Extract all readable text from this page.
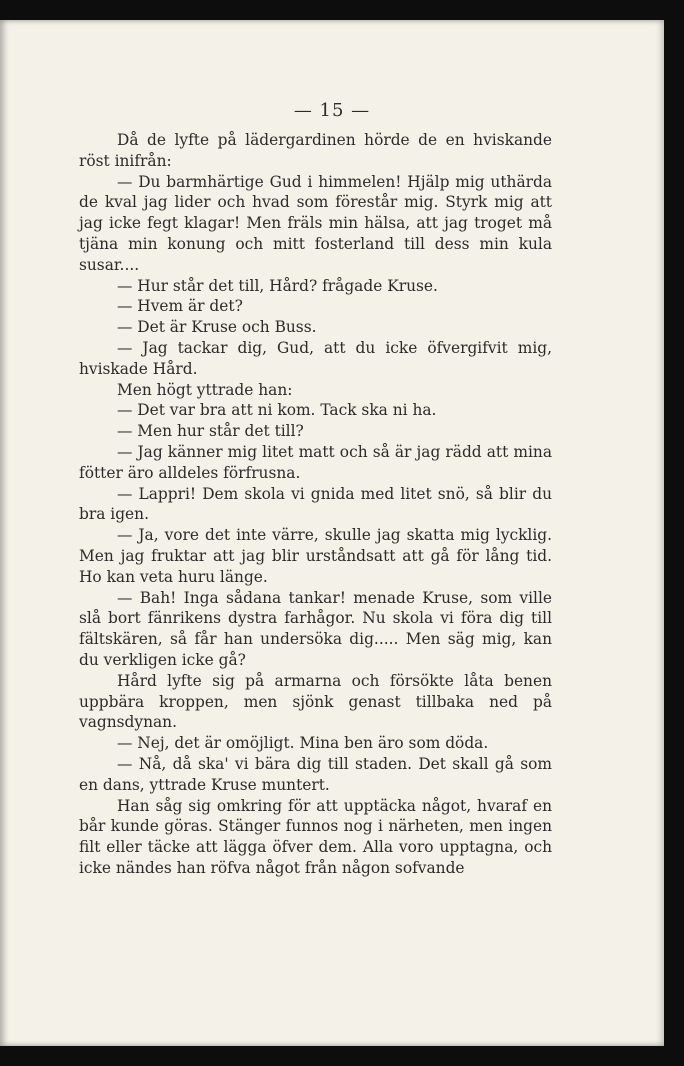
— 15 —

Då de lyfte på lädergardinen hörde de en hviskande röst inifrån:

— Du barmhärtige Gud i himmelen! Hjälp mig uthärda de kval jag lider och hvad som förestår mig. Styrk mig att jag icke fegt klagar! Men fräls min hälsa, att jag troget må tjäna min konung och mitt fosterland till dess min kula susar....

— Hur står det till, Hård? frågade Kruse.

— Hvem är det?

— Det är Kruse och Buss.

— Jag tackar dig, Gud, att du icke öfvergifvit mig, hviskade Hård.

Men högt yttrade han:

— Det var bra att ni kom. Tack ska ni ha.

— Men hur står det till?

— Jag känner mig litet matt och så är jag rädd att mina fötter äro alldeles förfrusna.

— Lappri! Dem skola vi gnida med litet snö, så blir du bra igen.

— Ja, vore det inte värre, skulle jag skatta mig lycklig. Men jag fruktar att jag blir urståndsatt att gå för lång tid. Ho kan veta huru länge.

— Bah! Inga sådana tankar! menade Kruse, som ville slå bort fänrikens dystra farhågor. Nu skola vi föra dig till fältskären, så får han undersöka dig..... Men säg mig, kan du verkligen icke gå?

Hård lyfte sig på armarna och försökte låta benen uppbära kroppen, men sjönk genast tillbaka ned på vagnsdynan.

— Nej, det är omöjligt. Mina ben äro som döda.

— Nå, då ska' vi bära dig till staden. Det skall gå som en dans, yttrade Kruse muntert.

Han såg sig omkring för att upptäcka något, hvaraf en bår kunde göras. Stänger funnos nog i närheten, men ingen filt eller täcke att lägga öfver dem. Alla voro upptagna, och icke nändes han röfva något från någon sofvande
